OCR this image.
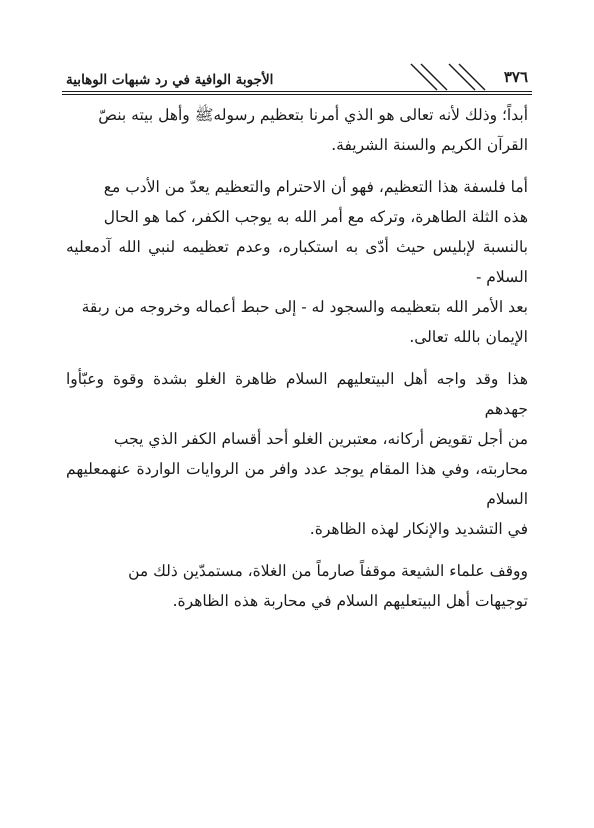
٣٧٦
الأجوبة الوافية في رد شبهات الوهابية

أبداً؛ وذلك لأنه تعالى هو الذي أمرنا بتعظيم رسولهﷺ وأهل بيته بنصّ

القرآن الكريم والسنة الشريفة.

أما فلسفة هذا التعظيم، فهو أن الاحترام والتعظيم يعدّ من الأدب مع

هذه الثلة الطاهرة، وتركه مع أمر الله به يوجب الكفر، كما هو الحال

بالنسبة لإبليس حيث أدّى به استكباره، وعدم تعظيمه لنبي الله آدمعليه السلام -

بعد الأمر الله بتعظيمه والسجود له - إلى حبط أعماله وخروجه من ربقة

الإيمان بالله تعالى.

هذا وقد واجه أهل البيتعليهم السلام ظاهرة الغلو بشدة وقوة وعبّأوا جهدهم

من أجل تقويض أركانه، معتبرين الغلو أحد أقسام الكفر الذي يجب

محاربته، وفي هذا المقام يوجد عدد وافر من الروايات الواردة عنهمعليهم السلام

في التشديد والإنكار لهذه الظاهرة.

ووقف علماء الشيعة موقفاً صارماً من الغلاة، مستمدّين ذلك من

توجيهات أهل البيتعليهم السلام في محاربة هذه الظاهرة.
